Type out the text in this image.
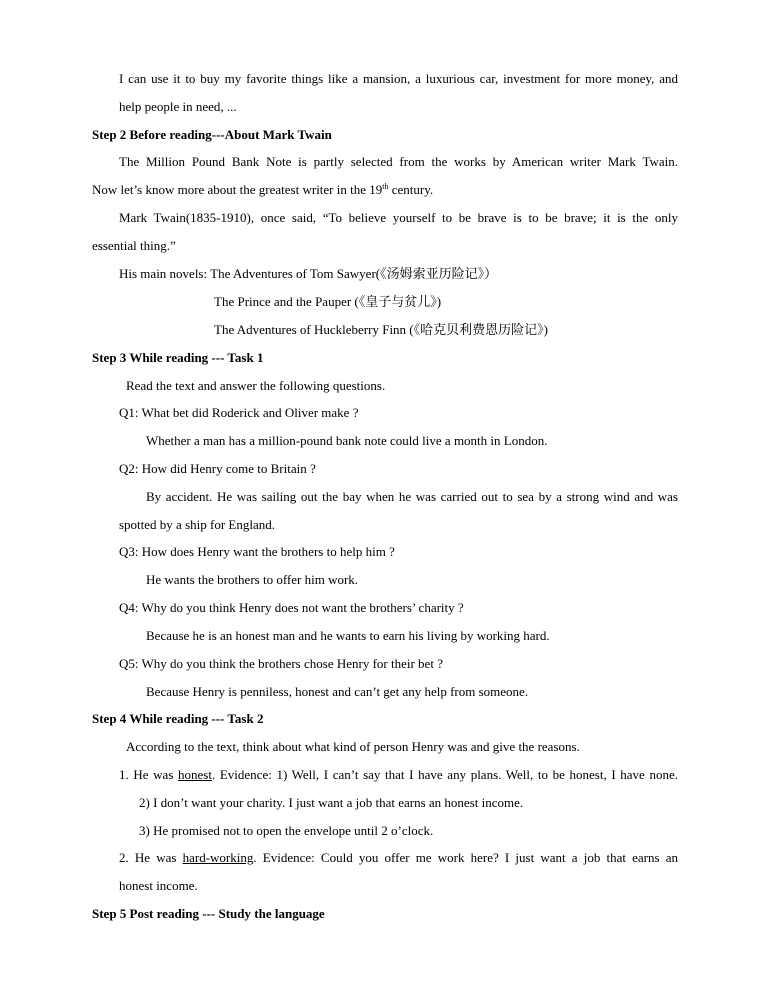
I can use it to buy my favorite things like a mansion, a luxurious car, investment for more money, and
help people in need, ...
Step 2 Before reading---About Mark Twain
The Million Pound Bank Note is partly selected from the works by American writer Mark Twain.
Now let’s know more about the greatest writer in the 19th century.
Mark Twain(1835-1910), once said, “To believe yourself to be brave is to be brave; it is the only
essential thing.”
His main novels: The Adventures of Tom Sawyer(《汤姆索亚历险记》）
The Prince and the Pauper (《皇子与贫儿》)
The Adventures of Huckleberry Finn (《哈克贝利费恩历险记》)
Step 3 While reading --- Task 1
Read the text and answer the following questions.
Q1: What bet did Roderick and Oliver make ?
Whether a man has a million-pound bank note could live a month in London.
Q2: How did Henry come to Britain ?
By accident. He was sailing out the bay when he was carried out to sea by a strong wind and was
spotted by a ship for England.
Q3: How does Henry want the brothers to help him ?
He wants the brothers to offer him work.
Q4: Why do you think Henry does not want the brothers’ charity ?
Because he is an honest man and he wants to earn his living by working hard.
Q5: Why do you think the brothers chose Henry for their bet ?
Because Henry is penniless, honest and can’t get any help from someone.
Step 4 While reading --- Task 2
According to the text, think about what kind of person Henry was and give the reasons.
1. He was honest. Evidence: 1) Well, I can’t say that I have any plans. Well, to be honest, I have none.
2) I don’t want your charity. I just want a job that earns an honest income.
3) He promised not to open the envelope until 2 o’clock.
2. He was hard-working. Evidence: Could you offer me work here? I just want a job that earns an
honest income.
Step 5 Post reading --- Study the language
